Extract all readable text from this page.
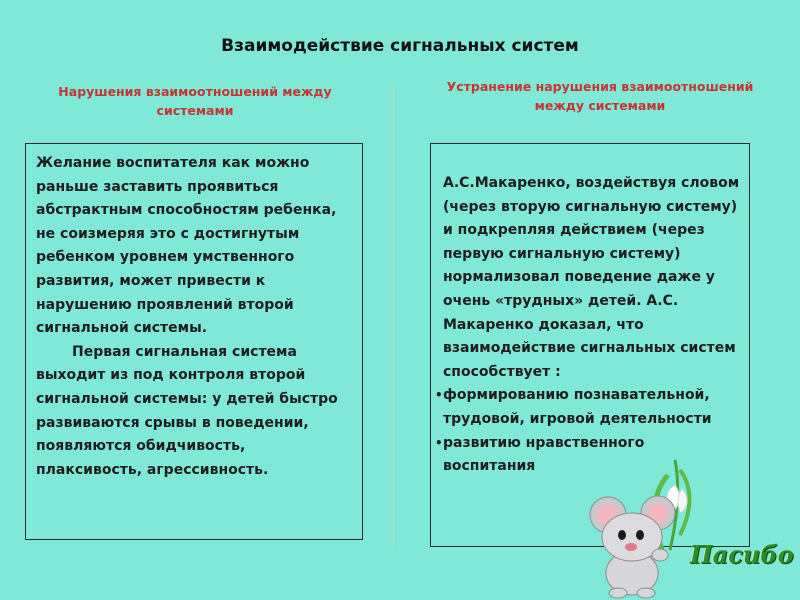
Взаимодействие сигнальных систем
Нарушения взаимоотношений между системами
Устранение нарушения взаимоотношений между системами

Желание воспитателя как можно раньше заставить проявиться абстрактным способностям ребенка, не соизмеряя это с достигнутым ребенком уровнем умственного развития, может привести к нарушению проявлений второй сигнальной системы.

Первая сигнальная система выходит из под контроля второй сигнальной системы: у детей быстро развиваются срывы в поведении, появляются обидчивость, плаксивость, агрессивность.

А.С.Макаренко, воздействуя словом (через вторую сигнальную систему) и подкрепляя действием (через первую сигнальную систему) нормализовал поведение даже у очень «трудных» детей. А.С. Макаренко доказал, что взаимодействие сигнальных систем способствует :

• формированию познавательной, трудовой, игровой деятельности
• развитию нравственного воспитания
Пасибо
